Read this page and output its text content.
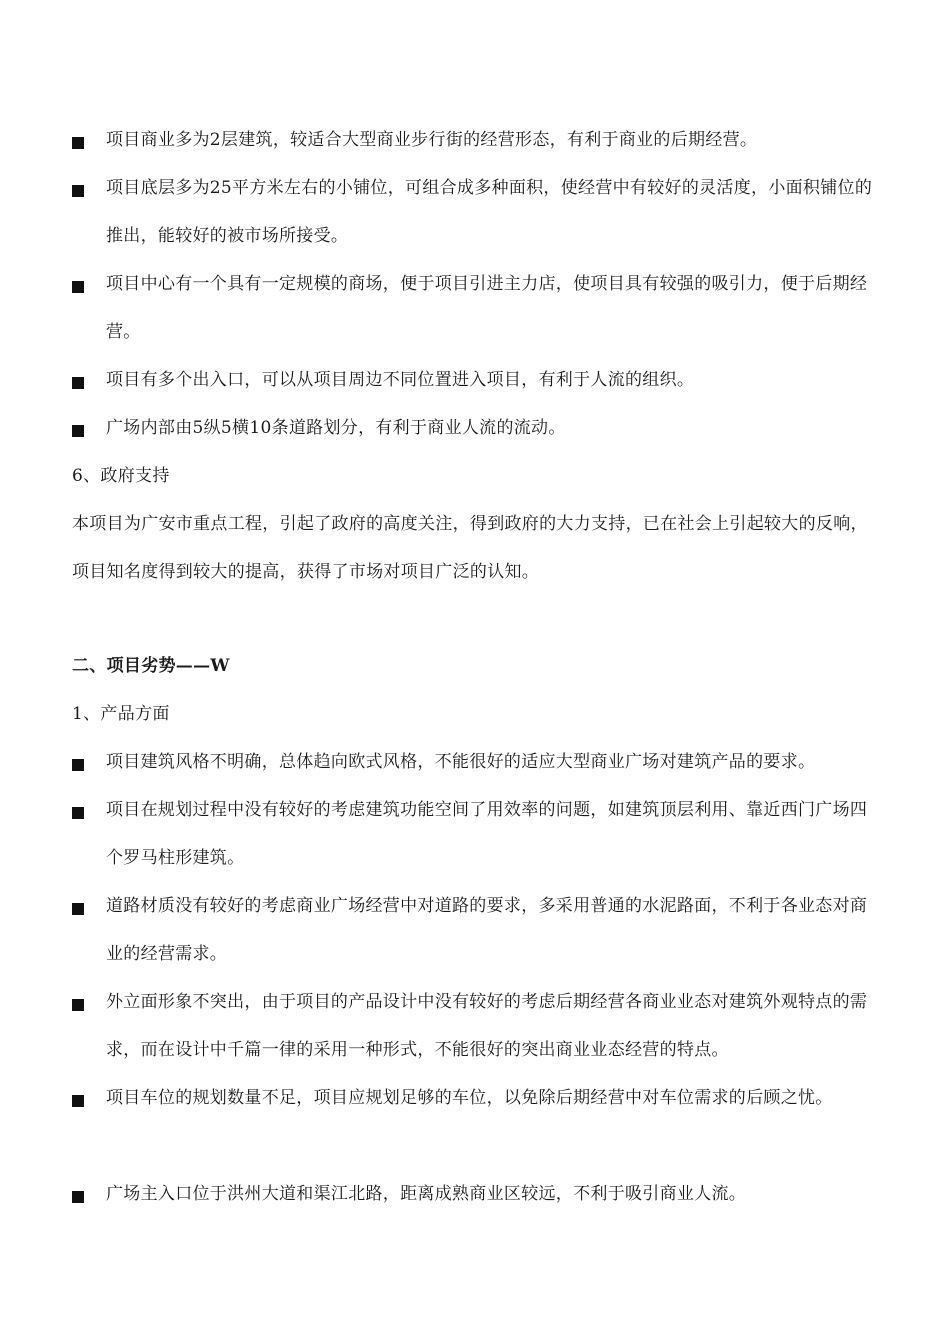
项目商业多为2层建筑，较适合大型商业步行街的经营形态，有利于商业的后期经营。
项目底层多为25平方米左右的小铺位，可组合成多种面积，使经营中有较好的灵活度，小面积铺位的推出，能较好的被市场所接受。
项目中心有一个具有一定规模的商场，便于项目引进主力店，使项目具有较强的吸引力，便于后期经营。
项目有多个出入口，可以从项目周边不同位置进入项目，有利于人流的组织。
广场内部由5纵5横10条道路划分，有利于商业人流的流动。
6、政府支持
本项目为广安市重点工程，引起了政府的高度关注，得到政府的大力支持，已在社会上引起较大的反响，项目知名度得到较大的提高，获得了市场对项目广泛的认知。
二、项目劣势——W
1、产品方面
项目建筑风格不明确，总体趋向欧式风格，不能很好的适应大型商业广场对建筑产品的要求。
项目在规划过程中没有较好的考虑建筑功能空间了用效率的问题，如建筑顶层利用、靠近西门广场四个罗马柱形建筑。
道路材质没有较好的考虑商业广场经营中对道路的要求，多采用普通的水泥路面，不利于各业态对商业的经营需求。
外立面形象不突出，由于项目的产品设计中没有较好的考虑后期经营各商业业态对建筑外观特点的需求，而在设计中千篇一律的采用一种形式，不能很好的突出商业业态经营的特点。
项目车位的规划数量不足，项目应规划足够的车位，以免除后期经营中对车位需求的后顾之忧。
广场主入口位于洪州大道和渠江北路，距离成熟商业区较远，不利于吸引商业人流。
